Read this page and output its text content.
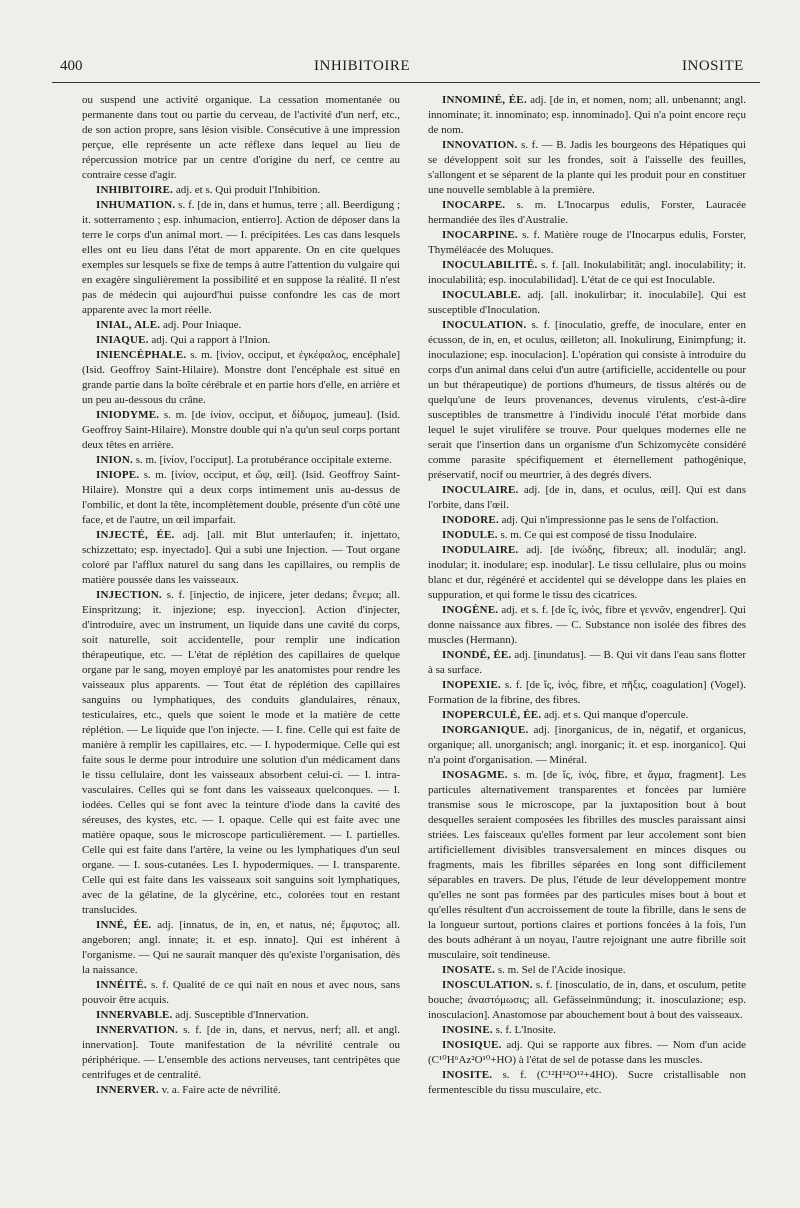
400	INHIBITOIRE	INOSITE

ou suspend une activité organique. La cessation momentanée ou permanente dans tout ou partie du cerveau, de l'activité d'un nerf, etc., de son action propre, sans lésion visible. Consécutive à une impression perçue, elle représente un acte réflexe dans lequel au lieu de répercussion motrice par un centre d'origine du nerf, ce centre au contraire cesse d'agir.

INHIBITOIRE. adj. et s. Qui produit l'Inhibition.

INHUMATION. s. f. [de in, dans et humus, terre ; all. Beerdigung ; it. sotterramento ; esp. inhumacion, entierro]. Action de déposer dans la terre le corps d'un animal mort. — I. précipitées. Les cas dans lesquels elles ont eu lieu dans l'état de mort apparente. On en cite quelques exemples sur lesquels se fixe de temps à autre l'attention du vulgaire qui en exagère singulièrement la possibilité et en suppose la réalité. Il n'est pas de médecin qui aujourd'hui puisse confondre les cas de mort apparente avec la mort réelle.

INIAL, ALE. adj. Pour Iniaque.

INIAQUE. adj. Qui a rapport à l'Inion.

INIENCÉPHALE. s. m. [ἰνίον, occiput, et ἐγκέφαλος, encéphale] (Isid. Geoffroy Saint-Hilaire). Monstre dont l'encéphale est situé en grande partie dans la boîte cérébrale et en partie hors d'elle, en arrière et un peu au-dessous du crâne.

INIODYME. s. m. [de ἰνίον, occiput, et δίδυμος, jumeau]. (Isid. Geoffroy Saint-Hilaire). Monstre double qui n'a qu'un seul corps portant deux têtes en arrière.

INION. s. m. [ἰνίον, l'occiput]. La protubérance occipitale externe.

INIOPE. s. m. [ἰνίον, occiput, et ὤψ, œil]. (Isid. Geoffroy Saint-Hilaire). Monstre qui a deux corps intimement unis au-dessus de l'ombilic, et dont la tête, incomplètement double, présente d'un côté une face, et de l'autre, un œil imparfait.

INJECTÉ, ÉE. adj. [all. mit Blut unterlaufen; it. injettato, schizzettato; esp. inyectado]. Qui a subi une Injection. — Tout organe coloré par l'afflux naturel du sang dans les capillaires, ou remplis de matière poussée dans les vaisseaux.

INJECTION. s. f. [injectio, de injicere, jeter dedans; ἔνεμα; all. Einspritzung; it. injezione; esp. inyeccion]. Action d'injecter, d'introduire, avec un instrument, un liquide dans une cavité du corps, soit naturelle, soit accidentelle, pour remplir une indication thérapeutique, etc. — L'état de réplétion des capillaires de quelque organe par le sang, moyen employé par les anatomistes pour rendre les vaisseaux plus apparents. — Tout état de réplétion des capillaires sanguins ou lymphatiques, des conduits glandulaires, rénaux, testiculaires, etc., quels que soient le mode et la matière de cette réplétion. — Le liquide que l'on injecte. — I. fine. Celle qui est faite de manière à remplir les capillaires, etc. — I. hypodermique. Celle qui est faite sous le derme pour introduire une solution d'un médicament dans le tissu cellulaire, dont les vaisseaux absorbent celui-ci. — I. intra-vasculaires. Celles qui se font dans les vaisseaux quelconques. — I. iodées. Celles qui se font avec la teinture d'iode dans la cavité des séreuses, des kystes, etc. — I. opaque. Celle qui est faite avec une matière opaque, sous le microscope particulièrement. — I. partielles. Celle qui est faite dans l'artère, la veine ou les lymphatiques d'un seul organe. — I. sous-cutanées. Les I. hypodermiques. — I. transparente. Celle qui est faite dans les vaisseaux soit sanguins soit lymphatiques, avec de la gélatine, de la glycérine, etc., colorées tout en restant translucides.

INNÉ, ÉE. adj. [innatus, de in, en, et natus, né; ἔμφυτος; all. angeboren; angl. innate; it. et esp. innato]. Qui est inhérent à l'organisme. — Qui ne saurait manquer dès qu'existe l'organisation, dès la naissance.

INNÉITÉ. s. f. Qualité de ce qui naît en nous et avec nous, sans pouvoir être acquis.

INNERVABLE. adj. Susceptible d'Innervation.

INNERVATION. s. f. [de in, dans, et nervus, nerf; all. et angl. innervation]. Toute manifestation de la névrilité centrale ou périphérique. — L'ensemble des actions nerveuses, tant centripètes que centrifuges et de centralité.

INNERVER. v. a. Faire acte de névrilité.

INNOMINÉ, ÉE. adj. [de in, et nomen, nom; all. unbenannt; angl. innominate; it. innominato; esp. innominado]. Qui n'a point encore reçu de nom.

INNOVATION. s. f. — B. Jadis les bourgeons des Hépatiques qui se développent soit sur les frondes, soit à l'aisselle des feuilles, s'allongent et se séparent de la plante qui les produit pour en constituer une nouvelle semblable à la première.

INOCARPE. s. m. L'Inocarpus edulis, Forster, Lauracée hermandiée des îles d'Australie.

INOCARPINE. s. f. Matière rouge de l'Inocarpus edulis, Forster, Thyméléacée des Moluques.

INOCULABILITÉ. s. f. [all. Inokulabilität; angl. inoculability; it. inoculabilità; esp. inoculabilidad]. L'état de ce qui est Inoculable.

INOCULABLE. adj. [all. inokulirbar; it. inoculabile]. Qui est susceptible d'Inoculation.

INOCULATION. s. f. [inoculatio, greffe, de inoculare, enter en écusson, de in, en, et oculus, œilleton; all. Inokulirung, Einimpfung; it. inoculazione; esp. inoculacion]. L'opération qui consiste à introduire du corps d'un animal dans celui d'un autre (artificielle, accidentelle ou pour un but thérapeutique) de portions d'humeurs, de tissus altérés ou de quelqu'une de leurs provenances, devenus virulents, c'est-à-dire susceptibles de transmettre à l'individu inoculé l'état morbide dans lequel le sujet virulifère se trouve. Pour quelques modernes elle ne serait que l'insertion dans un organisme d'un Schizomycète considéré comme parasite spécifiquement et éternellement pathogénique, préservatif, nocif ou meurtrier, à des degrés divers.

INOCULAIRE. adj. [de in, dans, et oculus, œil]. Qui est dans l'orbite, dans l'œil.

INODORE. adj. Qui n'impressionne pas le sens de l'olfaction.

INODULE. s. m. Ce qui est composé de tissu Inodulaire.

INODULAIRE. adj. [de ἰνώδης, fibreux; all. inodulär; angl. inodular; it. inodulare; esp. inodular]. Le tissu cellulaire, plus ou moins blanc et dur, régénéré et accidentel qui se développe dans les plaies en suppuration, et qui forme le tissu des cicatrices.

INOGÈNE. adj. et s. f. [de ἴς, ἰνός, fibre et γεννᾶν, engendrer]. Qui donne naissance aux fibres. — C. Substance non isolée des fibres des muscles (Hermann).

INONDÉ, ÉE. adj. [inundatus]. — B. Qui vit dans l'eau sans flotter à sa surface.

INOPEXIE. s. f. [de ἴς, ἰνός, fibre, et πῆξις, coagulation] (Vogel). Formation de la fibrine, des fibres.

INOPERCULÉ, ÉE. adj. et s. Qui manque d'opercule.

INORGANIQUE. adj. [inorganicus, de in, négatif, et organicus, organique; all. unorganisch; angl. inorganic; it. et esp. inorganico]. Qui n'a point d'organisation. — Minéral.

INOSAGME. s. m. [de ἴς, ἰνός, fibre, et ἄγμα, fragment]. Les particules alternativement transparentes et foncées par lumière transmise sous le microscope, par la juxtaposition bout à bout desquelles seraient composées les fibrilles des muscles paraissant ainsi striées. Les faisceaux qu'elles forment par leur accolement sont bien artificiellement divisibles transversalement en minces disques ou fragments, mais les fibrilles séparées en long sont difficilement séparables en travers. De plus, l'étude de leur développement montre qu'elles ne sont pas formées par des particules mises bout à bout et qu'elles résultent d'un accroissement de toute la fibrille, dans le sens de la longueur surtout, portions claires et portions foncées à la fois, l'un des bouts adhérant à un noyau, l'autre rejoignant une autre fibrille soit musculaire, soit tendineuse.

INOSATE. s. m. Sel de l'Acide inosique.

INOSCULATION. s. f. [inosculatio, de in, dans, et osculum, petite bouche; ἀναστόμωσις; all. Gefässeinmündung; it. inosculazione; esp. inosculacion]. Anastomose par abouchement bout à bout des vaisseaux.

INOSINE. s. f. L'Inosite.

INOSIQUE. adj. Qui se rapporte aux fibres. — Nom d'un acide (C¹⁰H⁶Az²O¹⁰+HO) à l'état de sel de potasse dans les muscles.

INOSITE. s. f. (C¹²H¹²O¹²+4HO). Sucre cristallisable non fermentescible du tissu musculaire, etc.
